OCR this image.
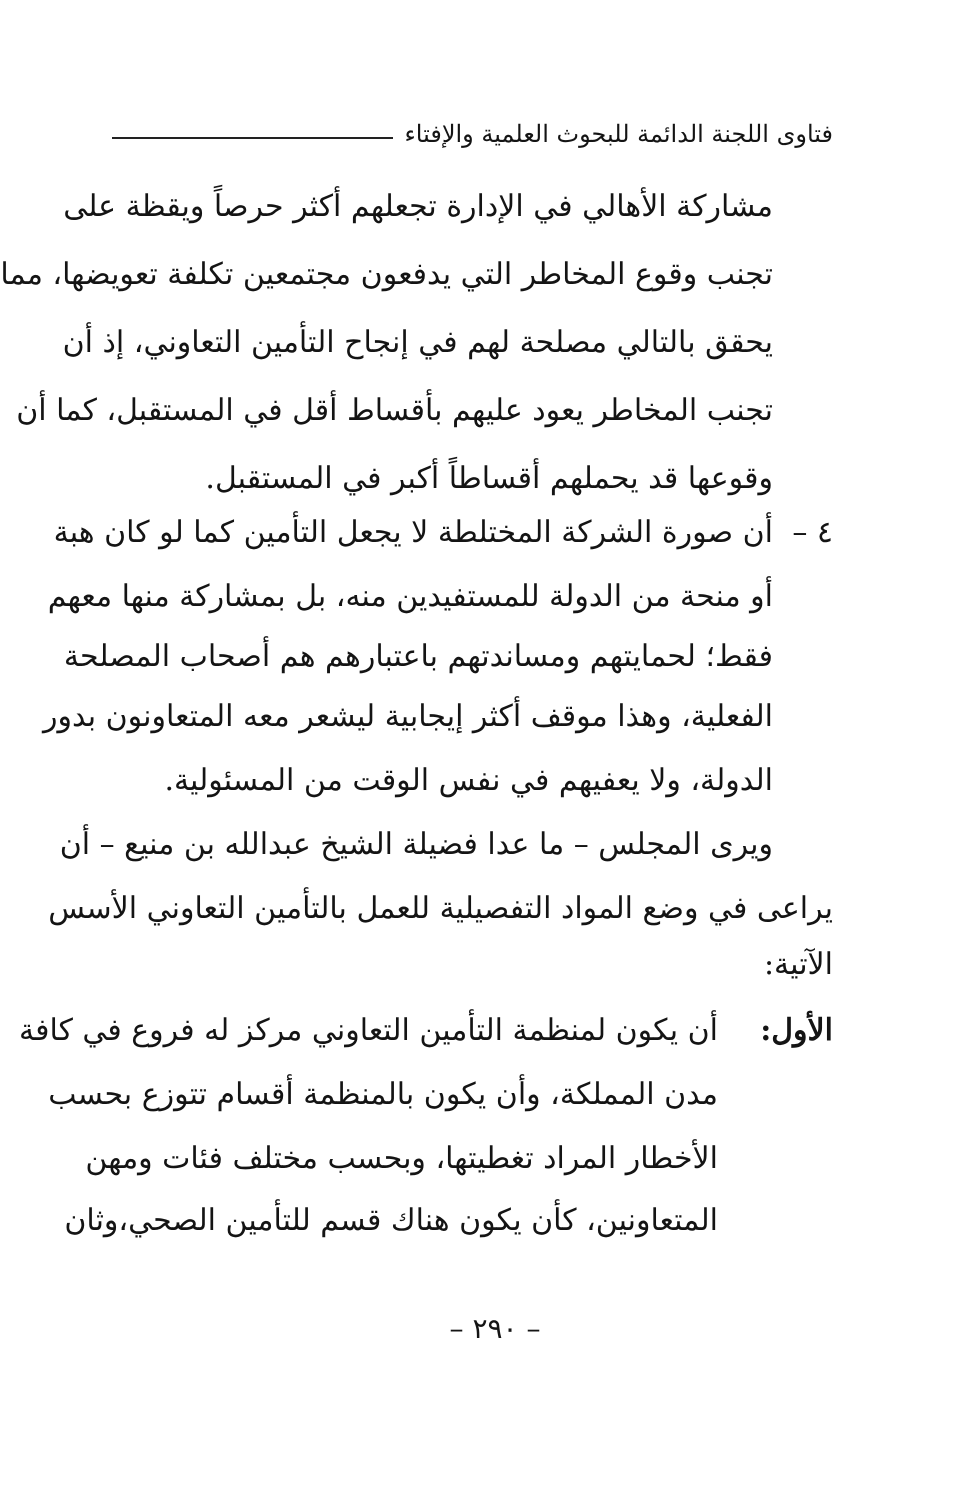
فتاوى اللجنة الدائمة للبحوث العلمية والإفتاء
مشاركة الأهالي في الإدارة تجعلهم أكثر حرصاً ويقظة على
تجنب وقوع المخاطر التي يدفعون مجتمعين تكلفة تعويضها، مما
يحقق بالتالي مصلحة لهم في إنجاح التأمين التعاوني، إذ أن
تجنب المخاطر يعود عليهم بأقساط أقل في المستقبل، كما أن
وقوعها قد يحملهم أقساطاً أكبر في المستقبل.
٤ –
أن صورة الشركة المختلطة لا يجعل التأمين كما لو كان هبة
أو منحة من الدولة للمستفيدين منه، بل بمشاركة منها معهم
فقط؛ لحمايتهم ومساندتهم باعتبارهم هم أصحاب المصلحة
الفعلية، وهذا موقف أكثر إيجابية ليشعر معه المتعاونون بدور
الدولة، ولا يعفيهم في نفس الوقت من المسئولية.
ويرى المجلس – ما عدا فضيلة الشيخ عبدالله بن منيع – أن
يراعى في وضع المواد التفصيلية للعمل بالتأمين التعاوني الأسس
الآتية:
الأول:
أن يكون لمنظمة التأمين التعاوني مركز له فروع في كافة
مدن المملكة، وأن يكون بالمنظمة أقسام تتوزع بحسب
الأخطار المراد تغطيتها، وبحسب مختلف فئات ومهن
المتعاونين، كأن يكون هناك قسم للتأمين الصحي،وثان
– ٢٩٠ –
